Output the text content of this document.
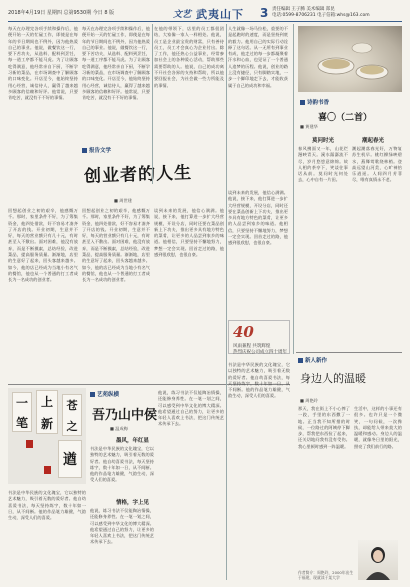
2018年4月19日 星期四 总第9530期 今日 8 版	文艺 武夷山下 3 责任编辑 王子腾 美术编辑 郑昆
电话:0599-8706231 电子信箱:whs@163.com
每天在办理完各项手续和操作后，他便开始一天的忙碌工作，即使是在每年的节日期间也不例外，因为他热爱自己的事业。他说，做餐饮这一行，要下苦功夫，从选料、配料到烹饪，每一道工序都不能马虎。为了让顾客吃得满意，他经常亲自下厨，不断学习新的菜品，在市场调查中了解顾客的口味变化。开店至今，他始终坚持用心经营，诚信待人，赢得了越来越多顾客的信赖和好评。他常说，只要肯吃苦，就没有干不好的事情。
每天在办理完各项手续和操作后，他便开始一天的忙碌工作，即使是在每年的节日期间也不例外，因为他热爱自己的事业。他说，做餐饮这一行，要下苦功夫，从选料、配料到烹饪，每一道工序都不能马虎。为了让顾客吃得满意，他经常亲自下厨，不断学习新的菜品，在市场调查中了解顾客的口味变化。开店至今，他始终坚持用心经营，诚信待人，赢得了越来越多顾客的信赖和好评。他常说，只要肯吃苦，就没有干不好的事情。
在他的带领下，店里的员工都很团结，大家像一家人一样相处。他说，员工是企业最宝贵的财富，只有善待员工，员工才会真心为企业付出。除了工作，他还热心公益事业，经常参加社会上的各种爱心活动，帮助那些需要帮助的人。他说，自己的成功离不开社会各界的支持和帮助，所以他要回报社会，为社会做一些力所能及的事情。
人生就像一场马拉松，重要的不是起跑时的速度，而是坚持到底的毅力。他用自己的实际行动诠释了这句话。从一无所有到事业有成，他走过的每一步都凝聚着汗水和心血，也见证了一个普通人追梦的历程。他说，创业的路上没有捷径，只有脚踏实地，一步一个脚印地走下去，才能收获属于自己的成功和幸福。
报告文学
创业者的人生
■ 周世建
40
风雨兼程 共筑辉煌
热烈庆祝公司成立四十周年
回想起创业之初的艰辛，他感慨万千。那时，家里条件不好，为了筹集资金，他四处借款，好不容易才凑齐了开店的钱。开业初期，生意并不好，每天的营业额只有几十元，有时甚至入不敷出。面对困难，他没有放弃，而是不断摸索，总结经验，改进菜品，提高服务质量。渐渐地，店里的生意好了起来，回头客越来越多。如今，他的店已经成为当地小有名气的餐馆，他也从一个普通的打工者成长为一名成功的创业者。
回想起创业之初的艰辛，他感慨万千。那时，家里条件不好，为了筹集资金，他四处借款，好不容易才凑齐了开店的钱。开业初期，生意并不好，每天的营业额只有几十元，有时甚至入不敷出。面对困难，他没有放弃，而是不断摸索，总结经验，改进菜品，提高服务质量。渐渐地，店里的生意好了起来，回头客越来越多。如今，他的店已经成为当地小有名气的餐馆，他也从一个普通的打工者成长为一名成功的创业者。
谈到未来的发展，他信心满满。他说，接下来，他打算进一步扩大经营规模，开设分店，同时还要在菜品创新上下功夫，推出更多具有地方特色的菜肴，让更多的人品尝到家乡的味道。他相信，只要坚持不懈地努力，梦想一定会实现。回首走过的路，他感到很欣慰，也很自豪。
谈到未来的发展，他信心满满。他说，接下来，他打算进一步扩大经营规模，开设分店，同时还要在菜品创新上下功夫，推出更多具有地方特色的菜肴，让更多的人品尝到家乡的味道。他相信，只要坚持不懈地努力，梦想一定会实现。回首走过的路，他感到很欣慰，也很自豪。
诗韵书香
喜〇（二首）
■ 黄建华
莫问时光	潮起春光
春风拂面又一年，山花烂漫映青天。溪水潺潺流不尽，岁月悠悠意绵绵。故人相约茶亭下，笑谈往事话从前。莫问时光何处去，心中自有一片田。
潮起潮落春光好，万物复苏生机早。桃红柳绿映碧水，燕舞莺歌绕林梢。登高远望山河美，心旷神怡乐逍遥。人间四月芳菲尽，唯有真情永不老。
新人新作
身边人的温暖
■ 周艳玲
那天，我在街上不小心摔了一跤，手里的东西撒了一地。正当我不知所措的时候，一位路过的阿姨停下脚步，帮我把东西捡了起来，还关切地问我有没有受伤。我心里顿时感到一阵温暖。
生活中，这样的小事还有很多。也许只是一个微笑，一句问候，一次搀扶，却能给人带来莫大的温暖和感动。身边人的温暖，就像冬日里的阳光，照亮了我们前行的路。
作者简介：周艳玲，2000年出生于福建，现就读于某大学
一
笔
上
新
苍
之
遒
艺苑纵横
吾乃山中侯
■ 温成梅
墨风，年红显
书法是中华民族的文化瑰宝，它以独特的艺术魅力，吸引着无数的爱好者。他自幼喜爱书法，每天坚持练字，数十年如一日，从不间断。他的作品笔力雄健，气韵生动，深受人们的喜爱。
情格，字上见
他说，练习书法不仅能陶冶情操，还能修身养性。在一笔一划之间，可以感受到中华文化的博大精深。他希望通过自己的努力，让更多的年轻人喜欢上书法，把这门传统艺术传承下去。
书法是中华民族的文化瑰宝，它以独特的艺术魅力，吸引着无数的爱好者。他自幼喜爱书法，每天坚持练字，数十年如一日，从不间断。他的作品笔力雄健，气韵生动，深受人们的喜爱。
他说，练习书法不仅能陶冶情操，还能修身养性。在一笔一划之间，可以感受到中华文化的博大精深。他希望通过自己的努力，让更多的年轻人喜欢上书法，把这门传统艺术传承下去。
书法是中华民族的文化瑰宝，它以独特的艺术魅力，吸引着无数的爱好者。他自幼喜爱书法，每天坚持练字，数十年如一日，从不间断。他的作品笔力雄健，气韵生动，深受人们的喜爱。
